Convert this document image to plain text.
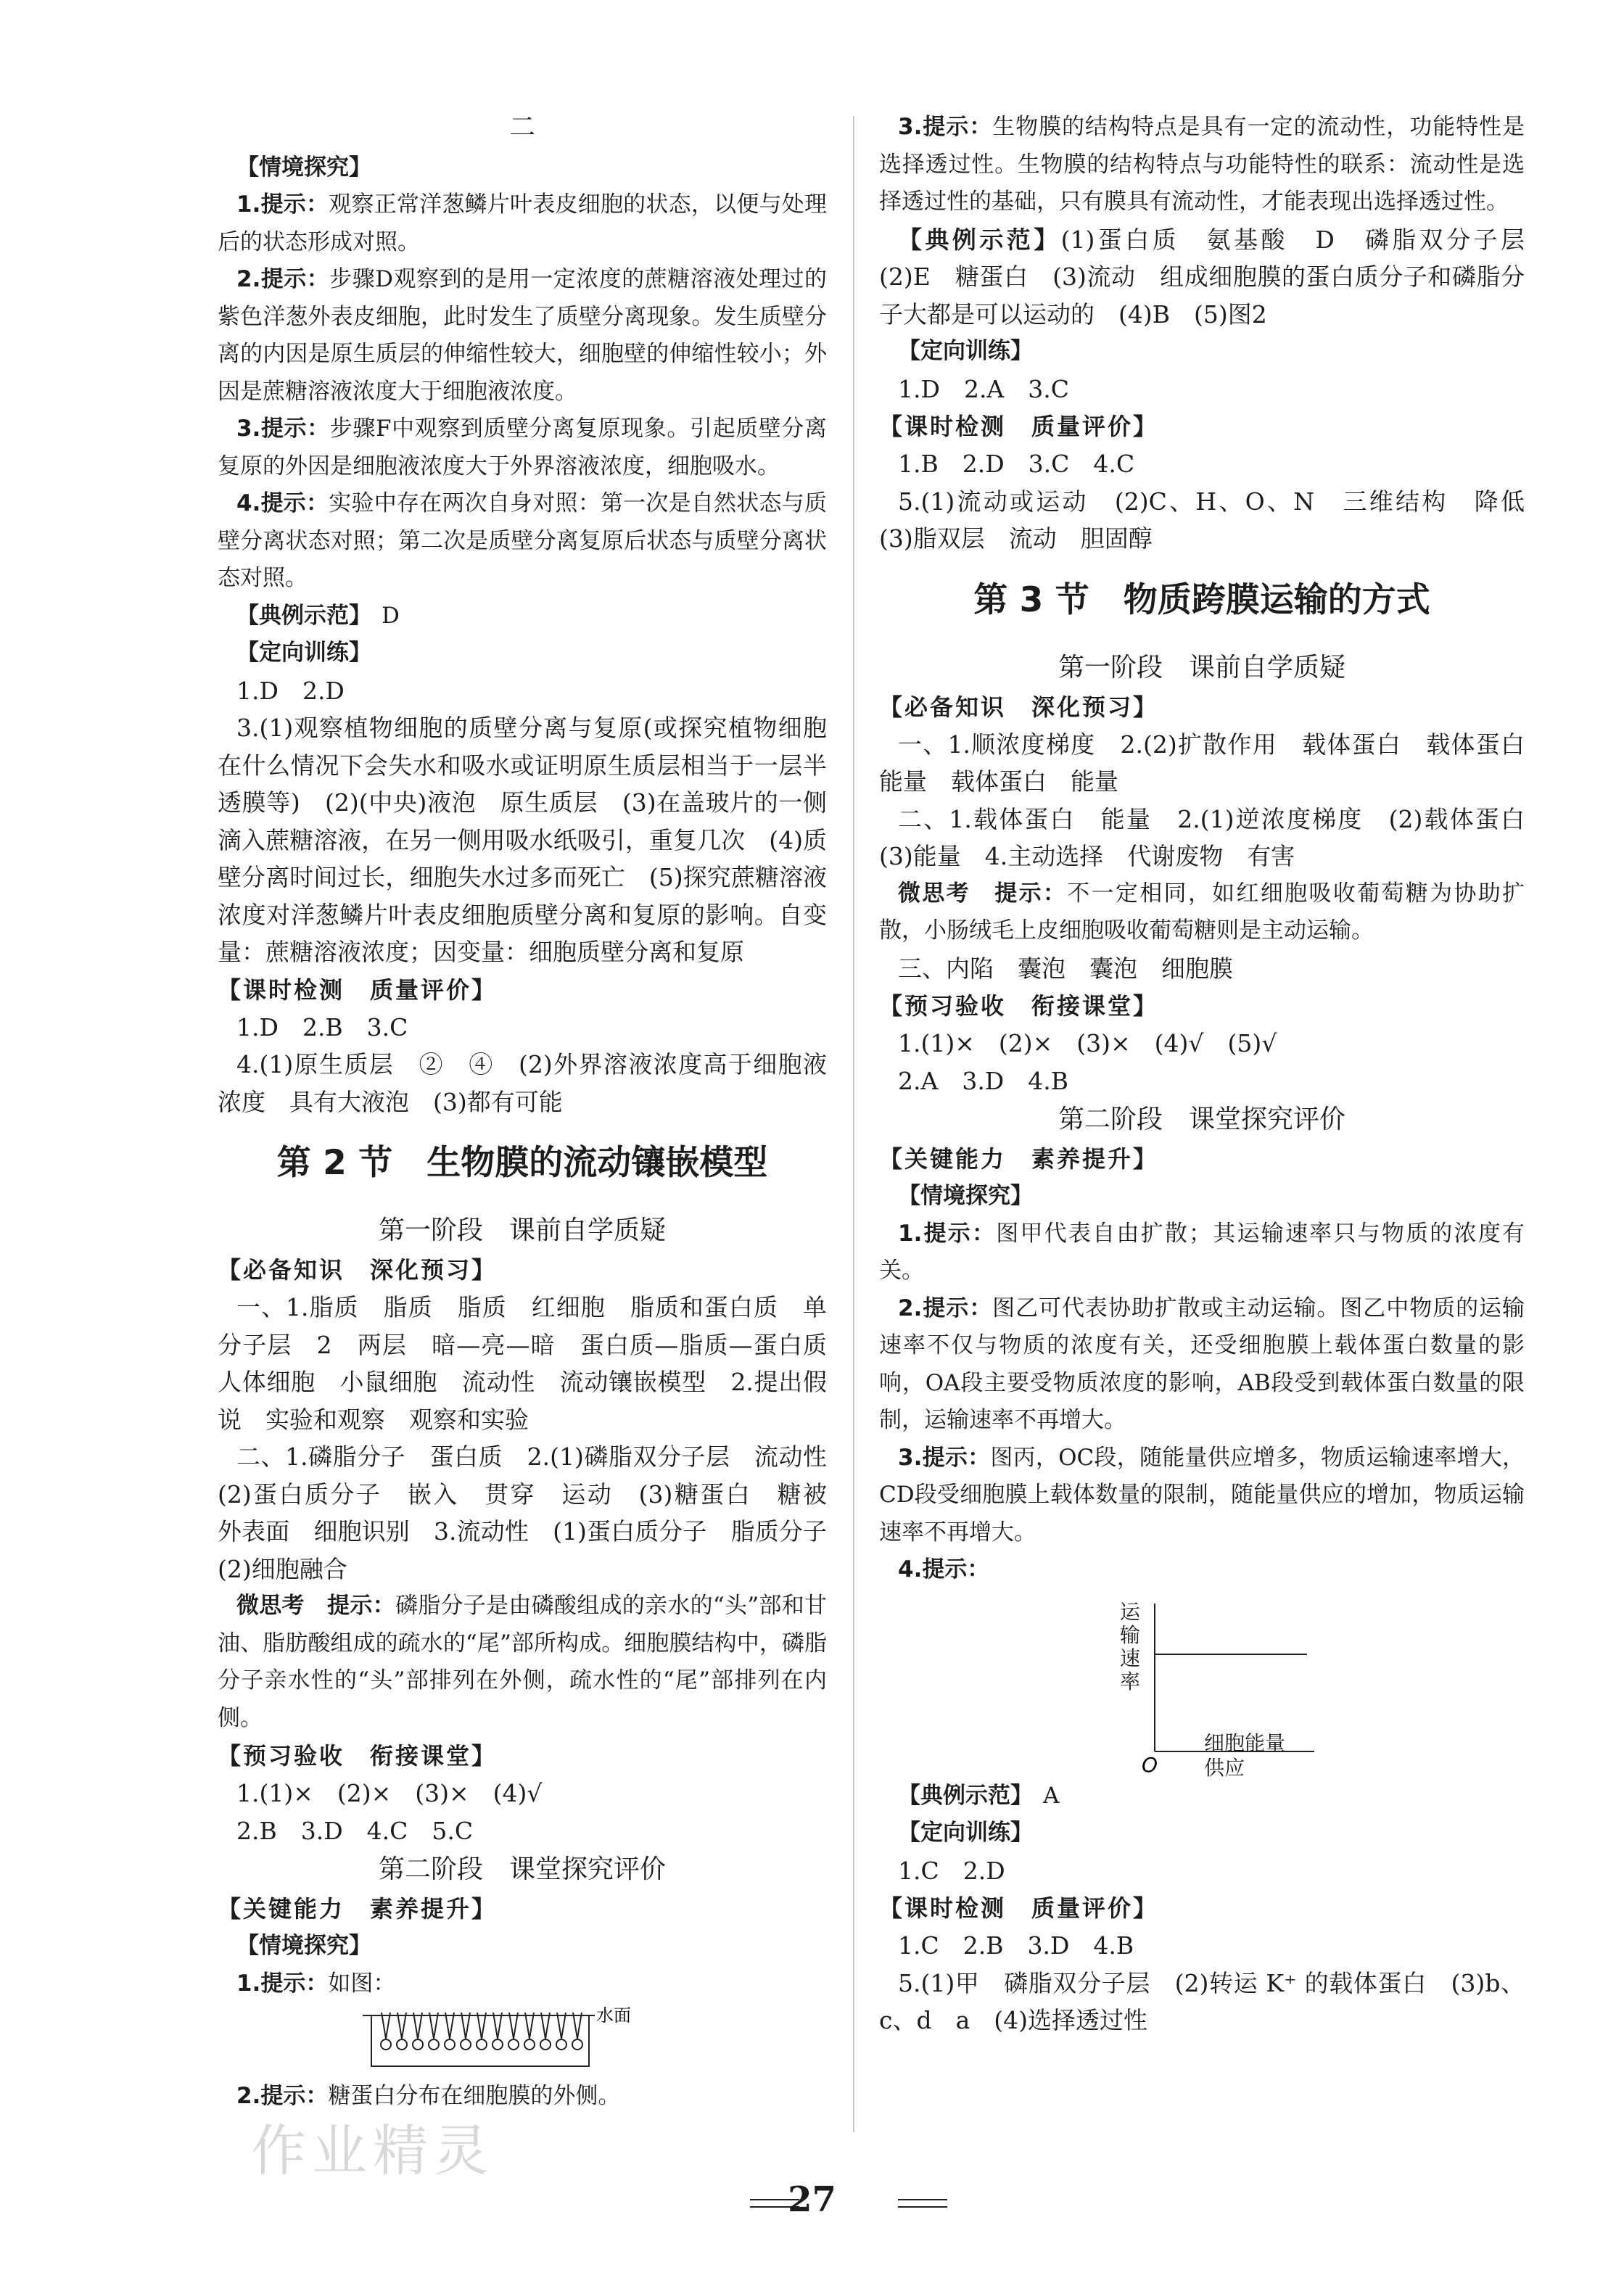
二
【情境探究】
1.提示：观察正常洋葱鳞片叶表皮细胞的状态，以便与处理后的状态形成对照。
2.提示：步骤D观察到的是用一定浓度的蔗糖溶液处理过的紫色洋葱外表皮细胞，此时发生了质壁分离现象。发生质壁分离的内因是原生质层的伸缩性较大，细胞壁的伸缩性较小；外因是蔗糖溶液浓度大于细胞液浓度。
3.提示：步骤F中观察到质壁分离复原现象。引起质壁分离复原的外因是细胞液浓度大于外界溶液浓度，细胞吸水。
4.提示：实验中存在两次自身对照：第一次是自然状态与质壁分离状态对照；第二次是质壁分离复原后状态与质壁分离状态对照。
【典例示范】 D
【定向训练】
1.D　2.D
3.(1)观察植物细胞的质壁分离与复原(或探究植物细胞在什么情况下会失水和吸水或证明原生质层相当于一层半透膜等)　(2)(中央)液泡　原生质层　(3)在盖玻片的一侧滴入蔗糖溶液，在另一侧用吸水纸吸引，重复几次　(4)质壁分离时间过长，细胞失水过多而死亡　(5)探究蔗糖溶液浓度对洋葱鳞片叶表皮细胞质壁分离和复原的影响。自变量：蔗糖溶液浓度；因变量：细胞质壁分离和复原
【课时检测　质量评价】
1.D　2.B　3.C
4.(1)原生质层　②　④　(2)外界溶液浓度高于细胞液浓度　具有大液泡　(3)都有可能
第 2 节　生物膜的流动镶嵌模型
第一阶段　课前自学质疑
【必备知识　深化预习】
一、1.脂质　脂质　脂质　红细胞　脂质和蛋白质　单分子层　2　两层　暗—亮—暗　蛋白质—脂质—蛋白质　人体细胞　小鼠细胞　流动性　流动镶嵌模型　2.提出假说　实验和观察　观察和实验
二、1.磷脂分子　蛋白质　2.(1)磷脂双分子层　流动性　(2)蛋白质分子　嵌入　贯穿　运动　(3)糖蛋白　糖被　外表面　细胞识别　3.流动性　(1)蛋白质分子　脂质分子　(2)细胞融合
微思考　 提示：磷脂分子是由磷酸组成的亲水的“头”部和甘油、脂肪酸组成的疏水的“尾”部所构成。细胞膜结构中，磷脂分子亲水性的“头”部排列在外侧，疏水性的“尾”部排列在内侧。
【预习验收　衔接课堂】
1.(1)×　(2)×　(3)×　(4)√
2.B　3.D　4.C　5.C
第二阶段　课堂探究评价
【关键能力　素养提升】
【情境探究】
1.提示：如图：
水面
2.提示：糖蛋白分布在细胞膜的外侧。
3.提示：生物膜的结构特点是具有一定的流动性，功能特性是选择透过性。生物膜的结构特点与功能特性的联系：流动性是选择透过性的基础，只有膜具有流动性，才能表现出选择透过性。
【典例示范】(1)蛋白质　氨基酸　D　磷脂双分子层　(2)E　糖蛋白　(3)流动　组成细胞膜的蛋白质分子和磷脂分子大都是可以运动的　(4)B　(5)图2
【定向训练】
1.D　2.A　3.C
【课时检测　质量评价】
1.B　2.D　3.C　4.C
5.(1)流动或运动　(2)C、H、O、N　三维结构　降低　(3)脂双层　流动　胆固醇
第 3 节　物质跨膜运输的方式
第一阶段　课前自学质疑
【必备知识　深化预习】
一、1.顺浓度梯度　2.(2)扩散作用　载体蛋白　载体蛋白　能量　载体蛋白　能量
二、1.载体蛋白　能量　2.(1)逆浓度梯度　(2)载体蛋白　(3)能量　4.主动选择　代谢废物　有害
微思考　 提示：不一定相同，如红细胞吸收葡萄糖为协助扩散，小肠绒毛上皮细胞吸收葡萄糖则是主动运输。
三、内陷　囊泡　囊泡　细胞膜
【预习验收　衔接课堂】
1.(1)×　(2)×　(3)×　(4)√　(5)√
2.A　3.D　4.B
第二阶段　课堂探究评价
【关键能力　素养提升】
【情境探究】
1.提示：图甲代表自由扩散；其运输速率只与物质的浓度有关。
2.提示：图乙可代表协助扩散或主动运输。图乙中物质的运输速率不仅与物质的浓度有关，还受细胞膜上载体蛋白数量的影响，OA段主要受物质浓度的影响，AB段受到载体蛋白数量的限制，运输速率不再增大。
3.提示：图丙，OC段，随能量供应增多，物质运输速率增大，CD段受细胞膜上载体数量的限制，随能量供应的增加，物质运输速率不再增大。
4.提示：
O
运输速率
细胞能量供应
【典例示范】 A
【定向训练】
1.C　2.D
【课时检测　质量评价】
1.C　2.B　3.D　4.B
5.(1)甲　磷脂双分子层　(2)转运 K⁺ 的载体蛋白　(3)b、c、d　a　(4)选择透过性
27
作业精灵
